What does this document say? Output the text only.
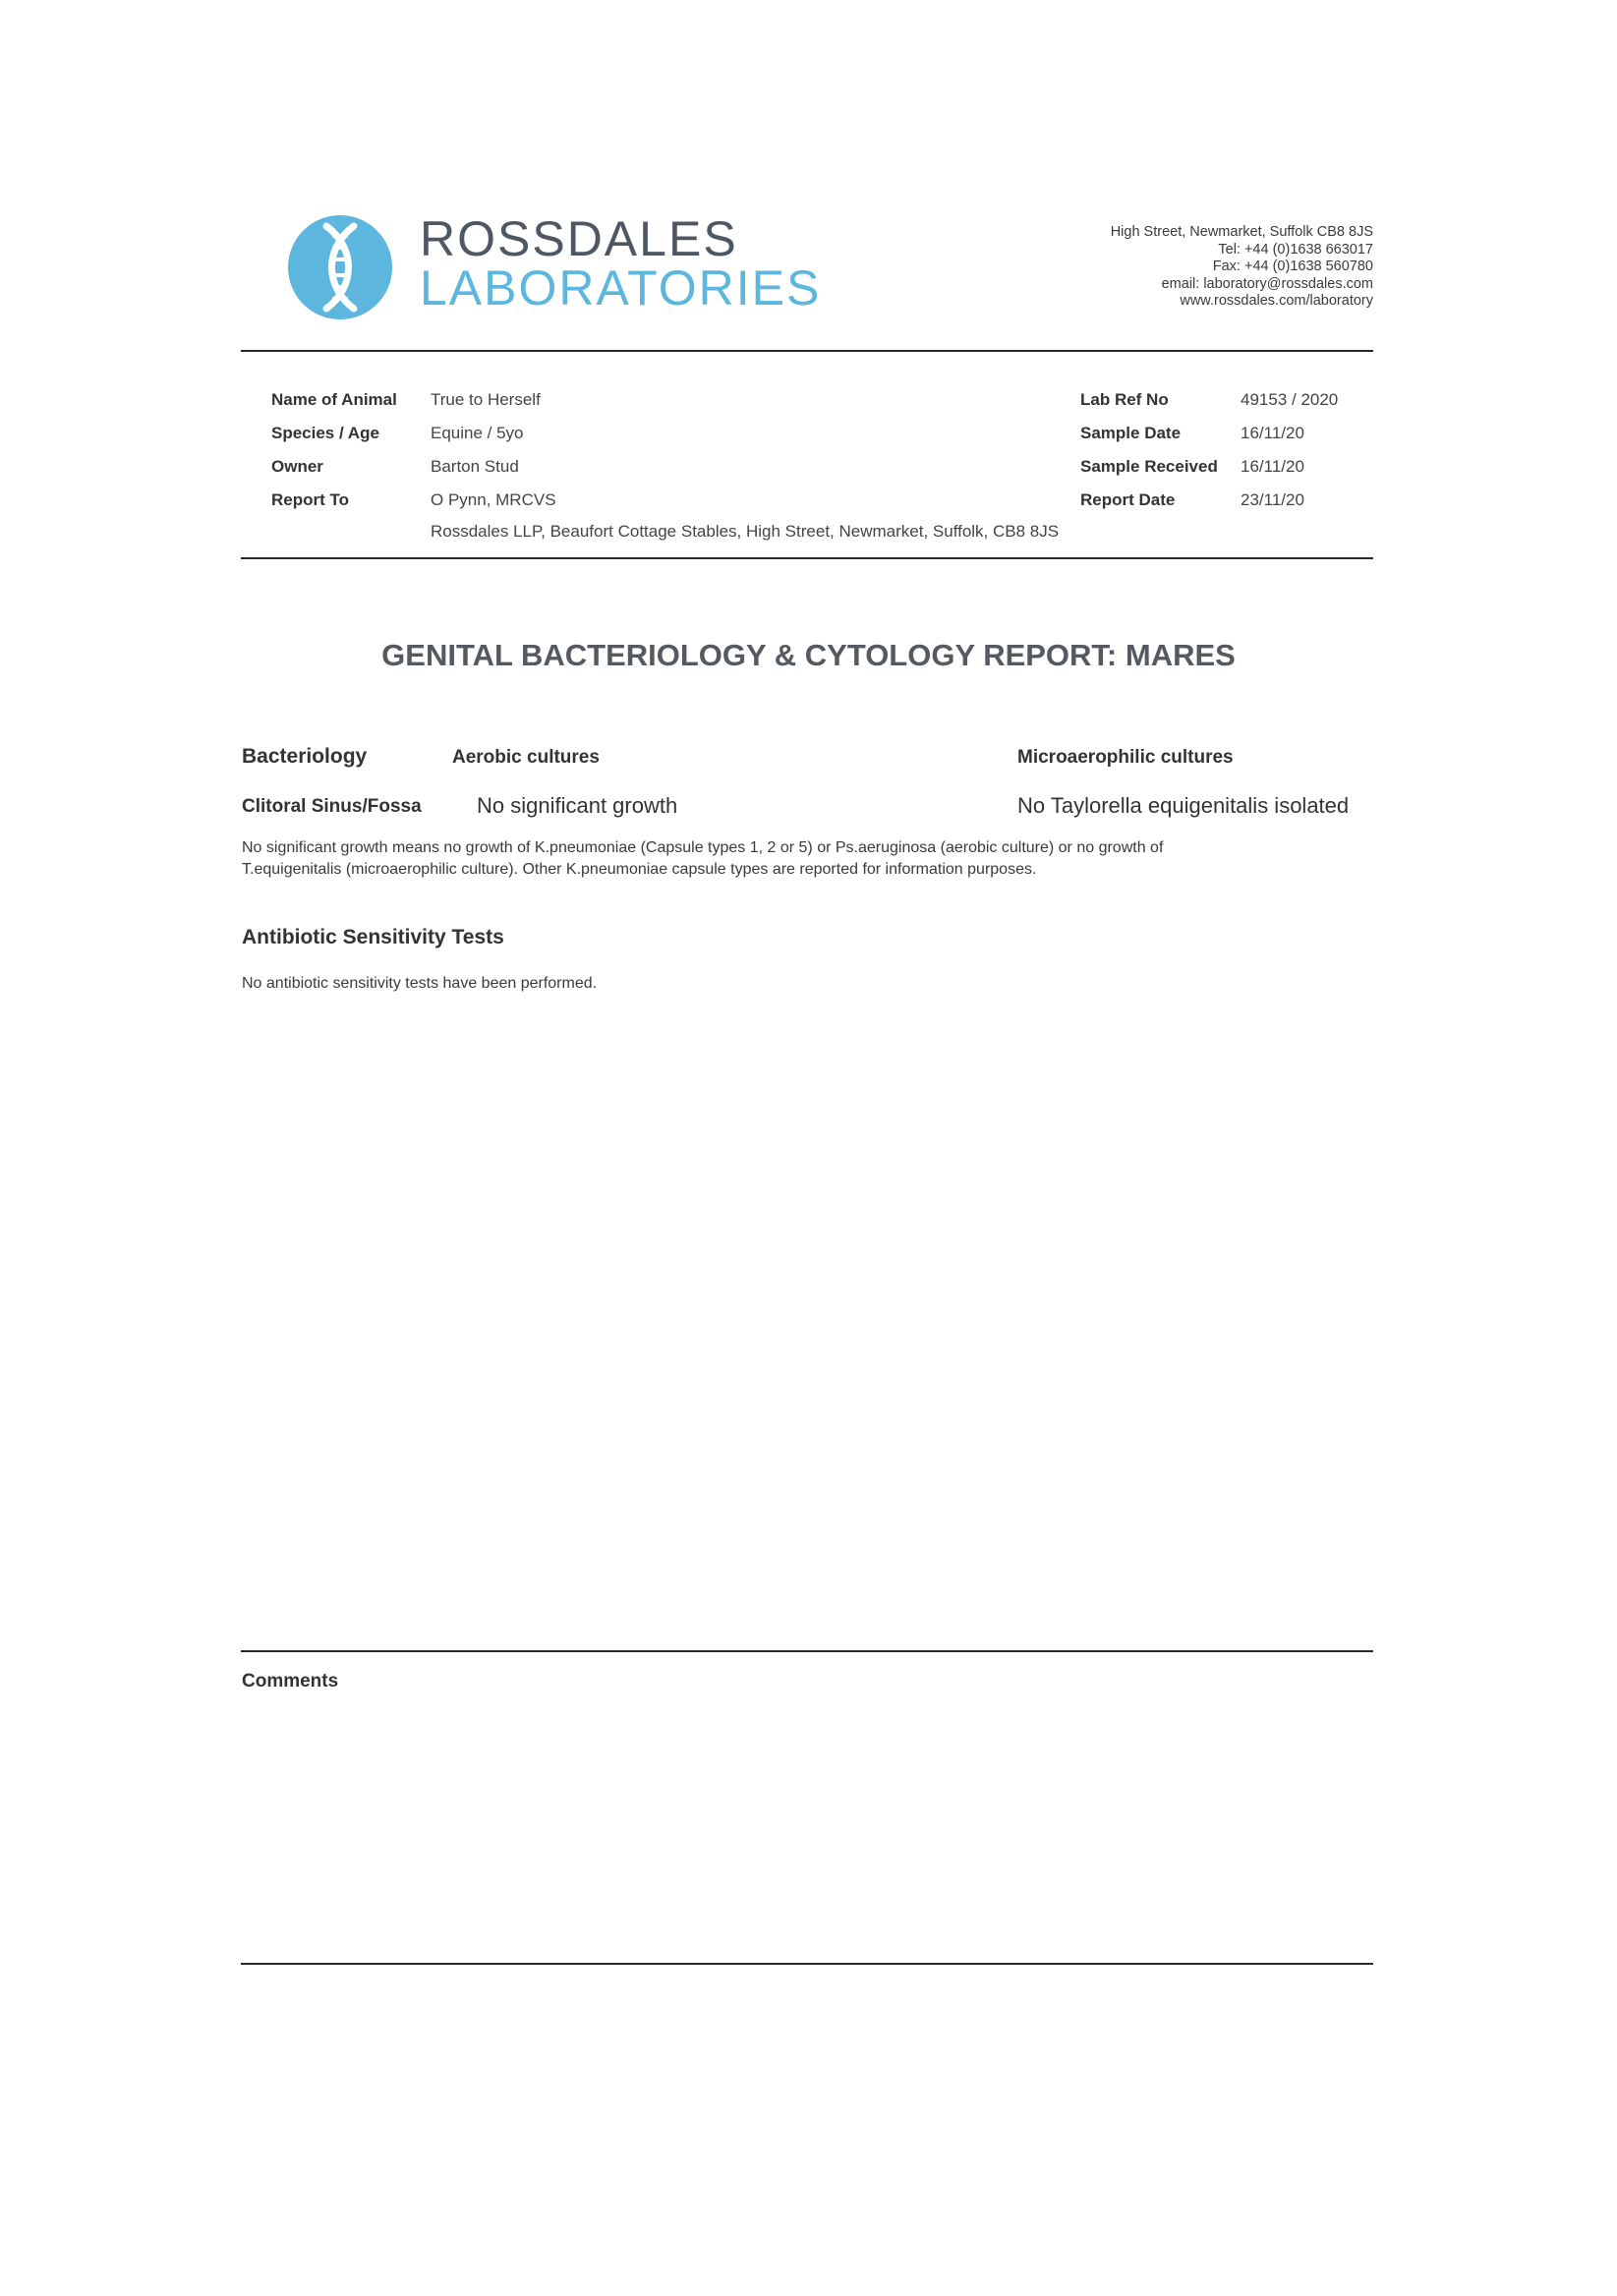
ROSSDALES
LABORATORIES
High Street, Newmarket, Suffolk CB8 8JS
Tel: +44 (0)1638 663017
Fax: +44 (0)1638 560780
email: laboratory@rossdales.com
www.rossdales.com/laboratory
Name of Animal True to Herself
Species / Age	Equine / 5yo
Owner	Barton Stud
Report To	O Pynn, MRCVS
Rossdales LLP, Beaufort Cottage Stables, High Street, Newmarket, Suffolk, CB8 8JS
Lab Ref No	49153 / 2020
Sample Date	16/11/20
Sample Received 16/11/20
Report Date	23/11/20
GENITAL BACTERIOLOGY & CYTOLOGY REPORT: MARES
Bacteriology	Aerobic cultures	Microaerophilic cultures
Clitoral Sinus/Fossa	No significant growth	No Taylorella equigenitalis isolated
No significant growth means no growth of K.pneumoniae (Capsule types 1, 2 or 5) or Ps.aeruginosa (aerobic culture) or no growth of
T.equigenitalis (microaerophilic culture). Other K.pneumoniae capsule types are reported for information purposes.
Antibiotic Sensitivity Tests
No antibiotic sensitivity tests have been performed.
Comments
